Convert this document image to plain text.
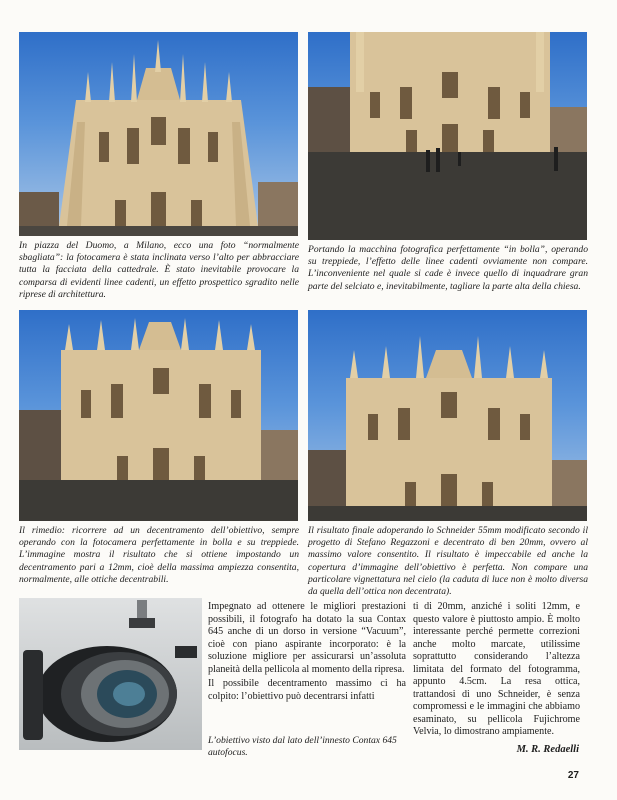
In piazza del Duomo, a Milano, ecco una foto “normalmente sbagliata”: la fotocamera è stata inclinata verso l’alto per abbracciare tutta la facciata della cattedrale. È stato inevitabile provocare la comparsa di evidenti linee cadenti, un effetto prospettico sgradito nelle riprese di architettura.

Portando la macchina fotografica perfettamente “in bolla”, operando su treppiede, l’effetto delle linee cadenti ovviamente non compare. L’inconveniente nel quale si cade è invece quello di inquadrare gran parte del selciato e, inevitabilmente, tagliare la parte alta della chiesa.

Il rimedio: ricorrere ad un decentramento dell’obiettivo, sempre operando con la fotocamera perfettamente in bolla e su treppiede. L’immagine mostra il risultato che si ottiene impostando un decentramento pari a 12mm, cioè della massima ampiezza consentita, normalmente, alle ottiche decentrabili.

Il risultato finale adoperando lo Schneider 55mm modificato secondo il progetto di Stefano Regazzoni e decentrato di ben 20mm, ovvero al massimo valore consentito. Il risultato è impeccabile ed anche la copertura d’immagine dell’obiettivo è perfetta. Non compare una particolare vignettatura nel cielo (la caduta di luce non è molto diversa da quella dell’ottica non decentrata).

Impegnato ad ottenere le migliori prestazioni possibili, il fotografo ha dotato la sua Contax 645 anche di un dorso in versione “Vacuum”, cioè con piano aspirante incorporato: è la soluzione migliore per assicurarsi un’assoluta planeità della pellicola al momento della ripresa.

Il possibile decentramento massimo ci ha colpito: l’obiettivo può decentrarsi infatti

ti di 20mm, anziché i soliti 12mm, e questo valore è piuttosto ampio. È molto interessante perché permette correzioni anche molto marcate, utilissime soprattutto considerando l’altezza limitata del formato del fotogramma, appunto 4.5cm. La resa ottica, trattandosi di uno Schneider, è senza compromessi e le immagini che abbiamo esaminato, su pellicola Fujichrome Velvia, lo dimostrano ampiamente.

L’obiettivo visto dal lato dell’innesto Contax 645 autofocus.	M. R. Redaelli
27
